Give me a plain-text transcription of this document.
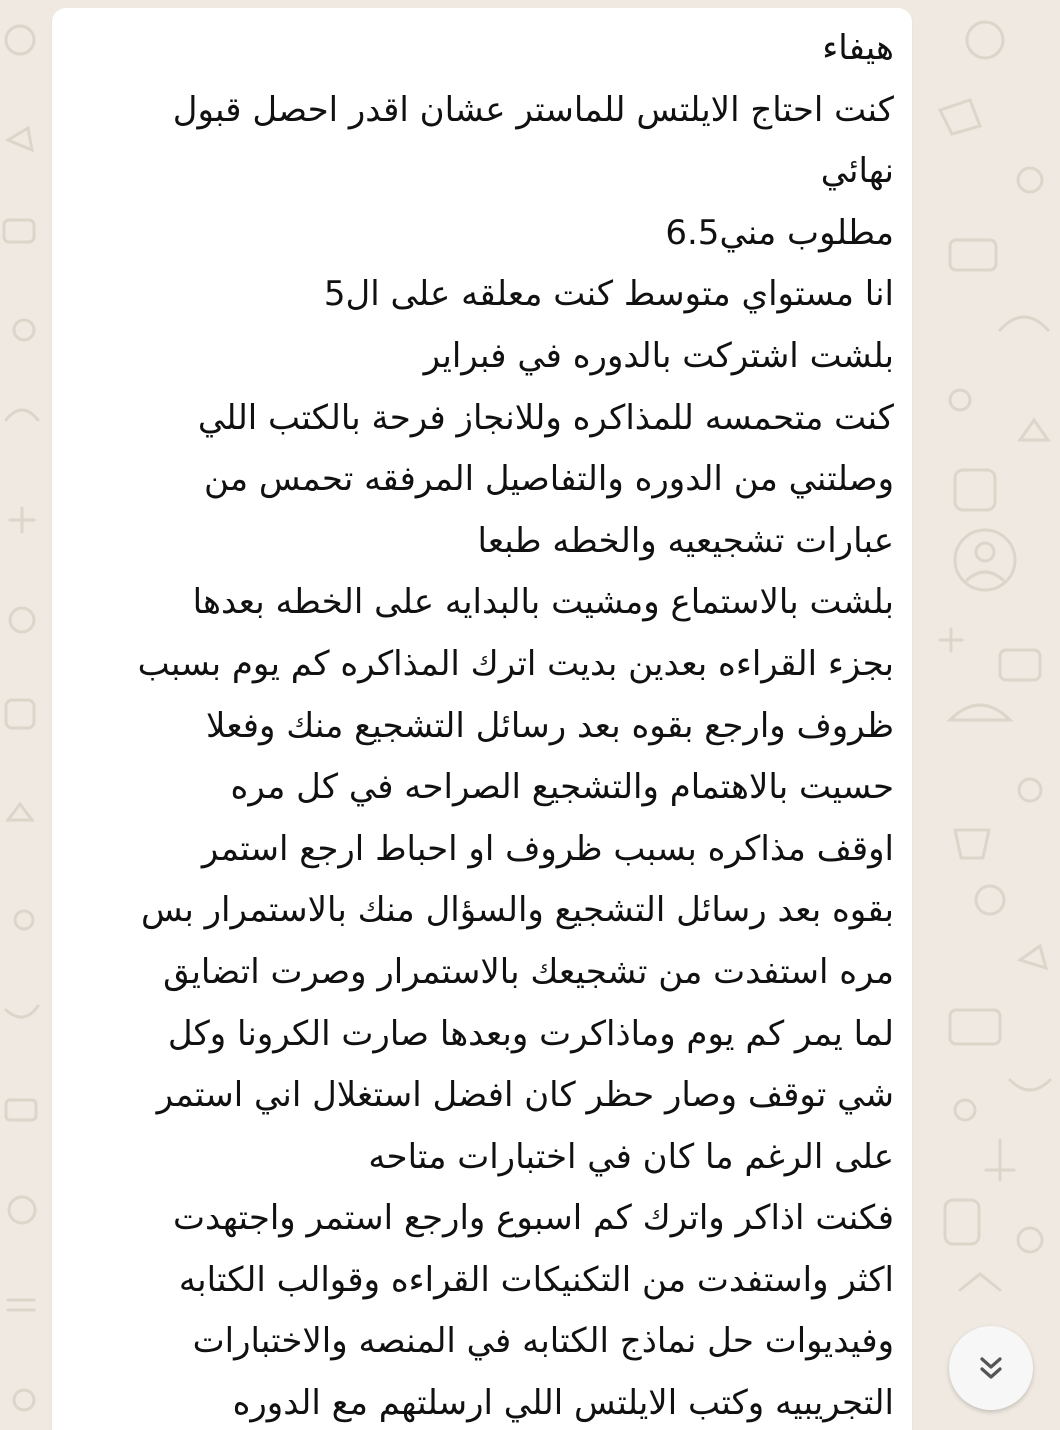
هيفاء
كنت احتاج الايلتس للماستر عشان اقدر احصل قبول
نهائي
مطلوب مني6.5
انا مستواي متوسط كنت معلقه على ال5
بلشت اشتركت بالدوره في فبراير
كنت متحمسه للمذاكره وللانجاز فرحة بالكتب اللي
وصلتني من الدوره والتفاصيل المرفقه تحمس من
عبارات تشجيعيه والخطه طبعا
بلشت بالاستماع ومشيت بالبدايه على الخطه بعدها
بجزء القراءه بعدين بديت اترك المذاكره كم يوم بسبب
ظروف وارجع بقوه بعد رسائل التشجيع منك وفعلا
حسيت بالاهتمام والتشجيع الصراحه في كل مره
اوقف مذاكره بسبب ظروف او احباط ارجع استمر
بقوه بعد رسائل التشجيع والسؤال منك بالاستمرار بس
مره استفدت من تشجيعك بالاستمرار وصرت اتضايق
لما يمر كم يوم وماذاكرت وبعدها صارت الكرونا وكل
شي توقف وصار حظر كان افضل استغلال اني استمر
على الرغم ما كان في اختبارات متاحه
فكنت اذاكر واترك كم اسبوع وارجع استمر واجتهدت
اكثر واستفدت من التكنيكات القراءه وقوالب الكتابه
وفيديوات حل نماذج الكتابه في المنصه والاختبارات
التجريبيه وكتب الايلتس اللي ارسلتهم مع الدوره
